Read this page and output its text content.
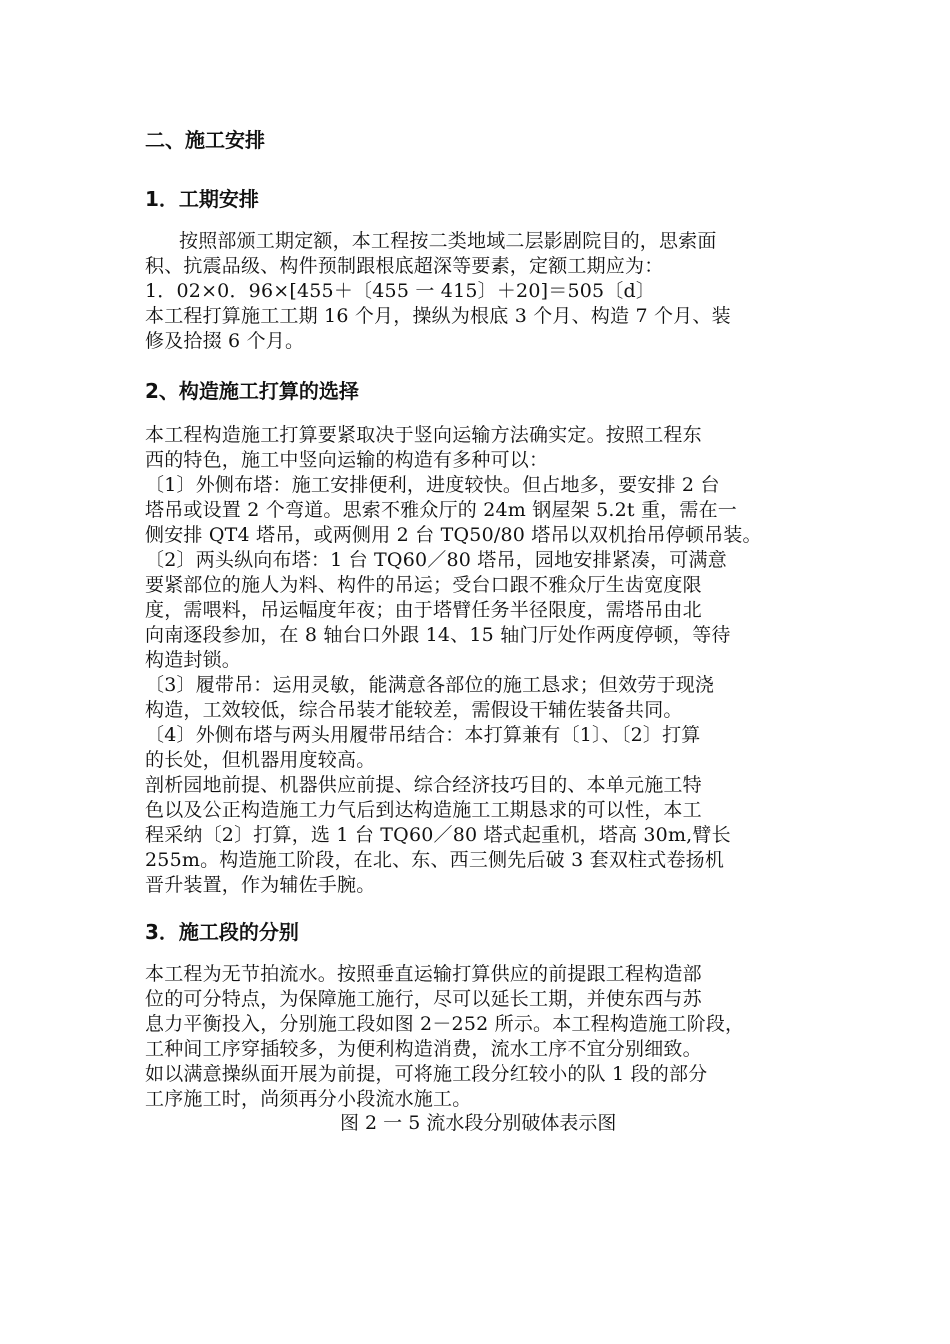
二、施工安排
1．工期安排
按照部颁工期定额，本工程按二类地域二层影剧院目的，思索面
积、抗震品级、构件预制跟根底超深等要素，定额工期应为：
1．02×0．96×[455＋〔455 一 415〕＋20]＝505〔d〕
本工程打算施工工期 16 个月，操纵为根底 3 个月、构造 7 个月、装
修及拾掇 6 个月。
2、构造施工打算的选择
本工程构造施工打算要紧取决于竖向运输方法确实定。按照工程东
西的特色，施工中竖向运输的构造有多种可以：
〔1〕外侧布塔：施工安排便利，进度较快。但占地多，要安排 2 台
塔吊或设置 2 个弯道。思索不雅众厅的 24m 钢屋架 5.2t 重，需在一
侧安排 QT4 塔吊，或两侧用 2 台 TQ50/80 塔吊以双机抬吊停顿吊装。
〔2〕两头纵向布塔：1 台 TQ60／80 塔吊，园地安排紧凑，可满意
要紧部位的施人为料、构件的吊运；受台口跟不雅众厅生齿宽度限
度，需喂料，吊运幅度年夜；由于塔臂任务半径限度，需塔吊由北
向南逐段参加，在 8 轴台口外跟 14、15 轴门厅处作两度停顿，等待
构造封锁。
〔3〕履带吊：运用灵敏，能满意各部位的施工恳求；但效劳于现浇
构造，工效较低，综合吊装才能较差，需假设干辅佐装备共同。
〔4〕外侧布塔与两头用履带吊结合：本打算兼有〔1〕、〔2〕打算
的长处，但机器用度较高。
剖析园地前提、机器供应前提、综合经济技巧目的、本单元施工特
色以及公正构造施工力气后到达构造施工工期恳求的可以性，本工
程采纳〔2〕打算，选 1 台 TQ60／80 塔式起重机，塔高 30m,臂长
255m。构造施工阶段，在北、东、西三侧先后破 3 套双柱式卷扬机
晋升装置，作为辅佐手腕。
3．施工段的分别
本工程为无节拍流水。按照垂直运输打算供应的前提跟工程构造部
位的可分特点，为保障施工施行，尽可以延长工期，并使东西与苏
息力平衡投入，分别施工段如图 2－252 所示。本工程构造施工阶段，
工种间工序穿插较多，为便利构造消费，流水工序不宜分别细致。
如以满意操纵面开展为前提，可将施工段分红较小的队 1 段的部分
工序施工时，尚须再分小段流水施工。
图 2 一 5 流水段分别破体表示图
